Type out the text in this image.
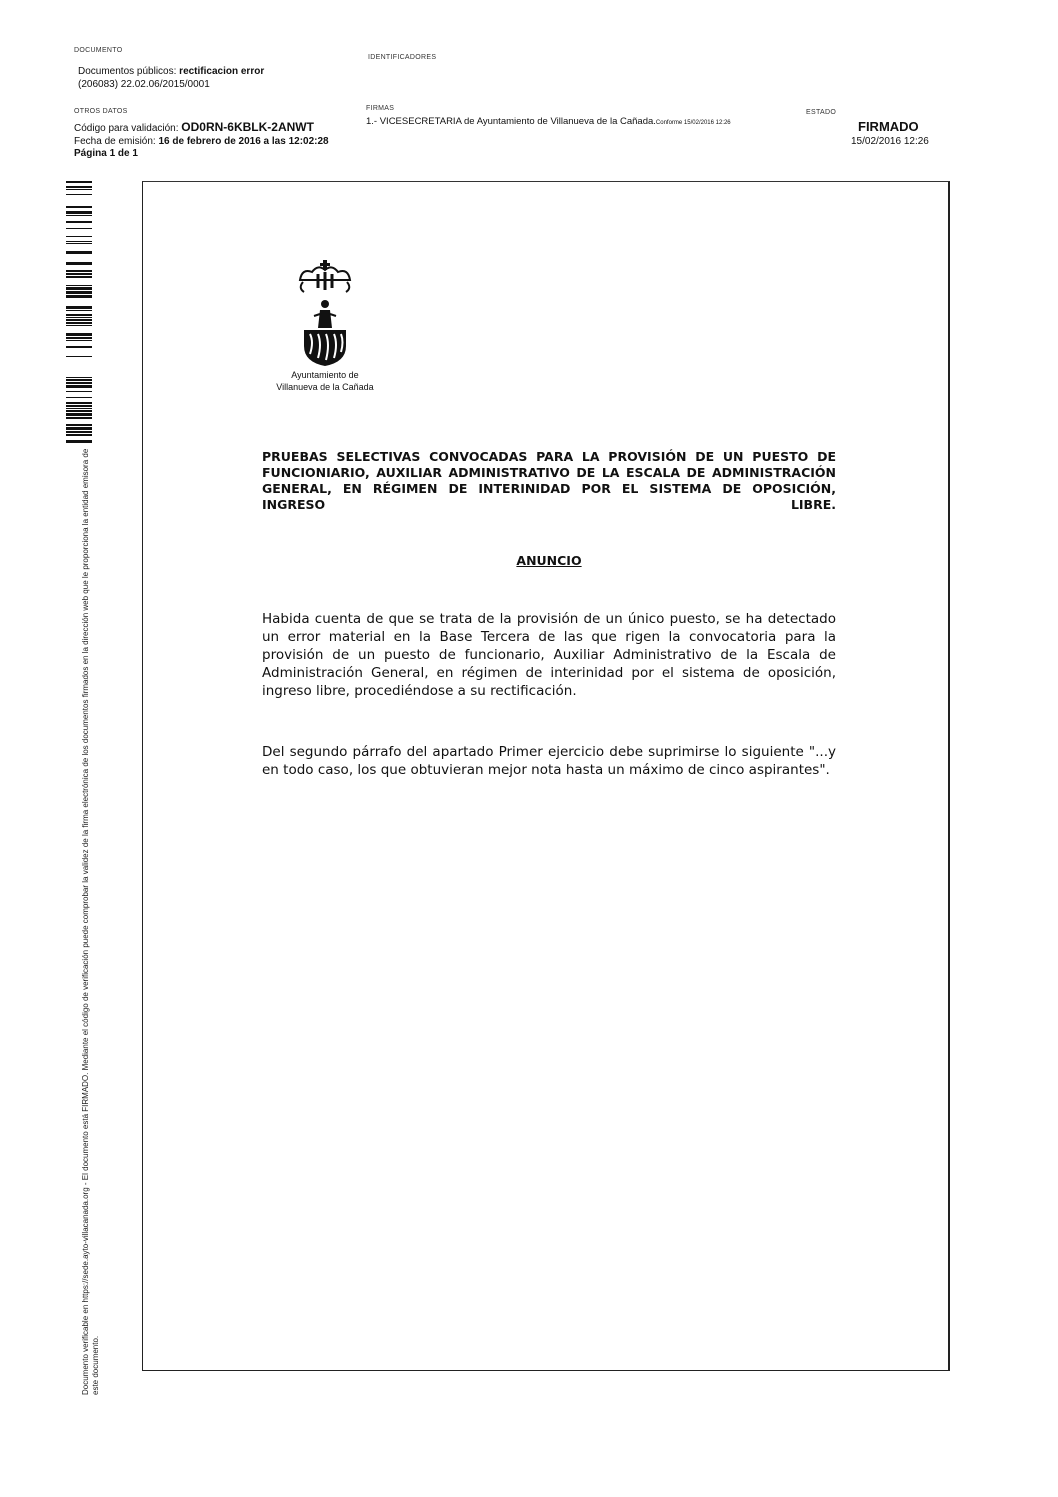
DOCUMENTO
Documentos públicos: rectificacion error
(206083) 22.02.06/2015/0001
IDENTIFICADORES
OTROS DATOS
Código para validación: OD0RN-6KBLK-2ANWT
Fecha de emisión: 16 de febrero de 2016 a las 12:02:28
Página 1 de 1
FIRMAS
1.- VICESECRETARIA de Ayuntamiento de Villanueva de la Cañada.Conforme 15/02/2016 12:26
ESTADO
FIRMADO
15/02/2016 12:26
Documento verificable en https://sede.ayto-villacanada.org - El documento está FIRMADO. Mediante el código de verificación puede comprobar la validez de la firma electrónica de los documentos firmados en la dirección web que le proporciona la entidad emisora de este documento.
Ayuntamiento de
Villanueva de la Cañada
PRUEBAS SELECTIVAS CONVOCADAS PARA LA PROVISIÓN DE UN PUESTO DE FUNCIONIARIO, AUXILIAR ADMINISTRATIVO DE LA ESCALA DE ADMINISTRACIÓN GENERAL, EN RÉGIMEN DE INTERINIDAD POR EL SISTEMA DE OPOSICIÓN, INGRESO LIBRE.
ANUNCIO
Habida cuenta de que se trata de la provisión de un único puesto, se ha detectado un error material en la Base Tercera de las que rigen la convocatoria para la provisión de un puesto de funcionario, Auxiliar Administrativo de la Escala de Administración General, en régimen de interinidad por el sistema de oposición, ingreso libre, procediéndose a su rectificación.
Del segundo párrafo del apartado Primer ejercicio debe suprimirse lo siguiente "...y en todo caso, los que obtuvieran mejor nota hasta un máximo de cinco aspirantes".
